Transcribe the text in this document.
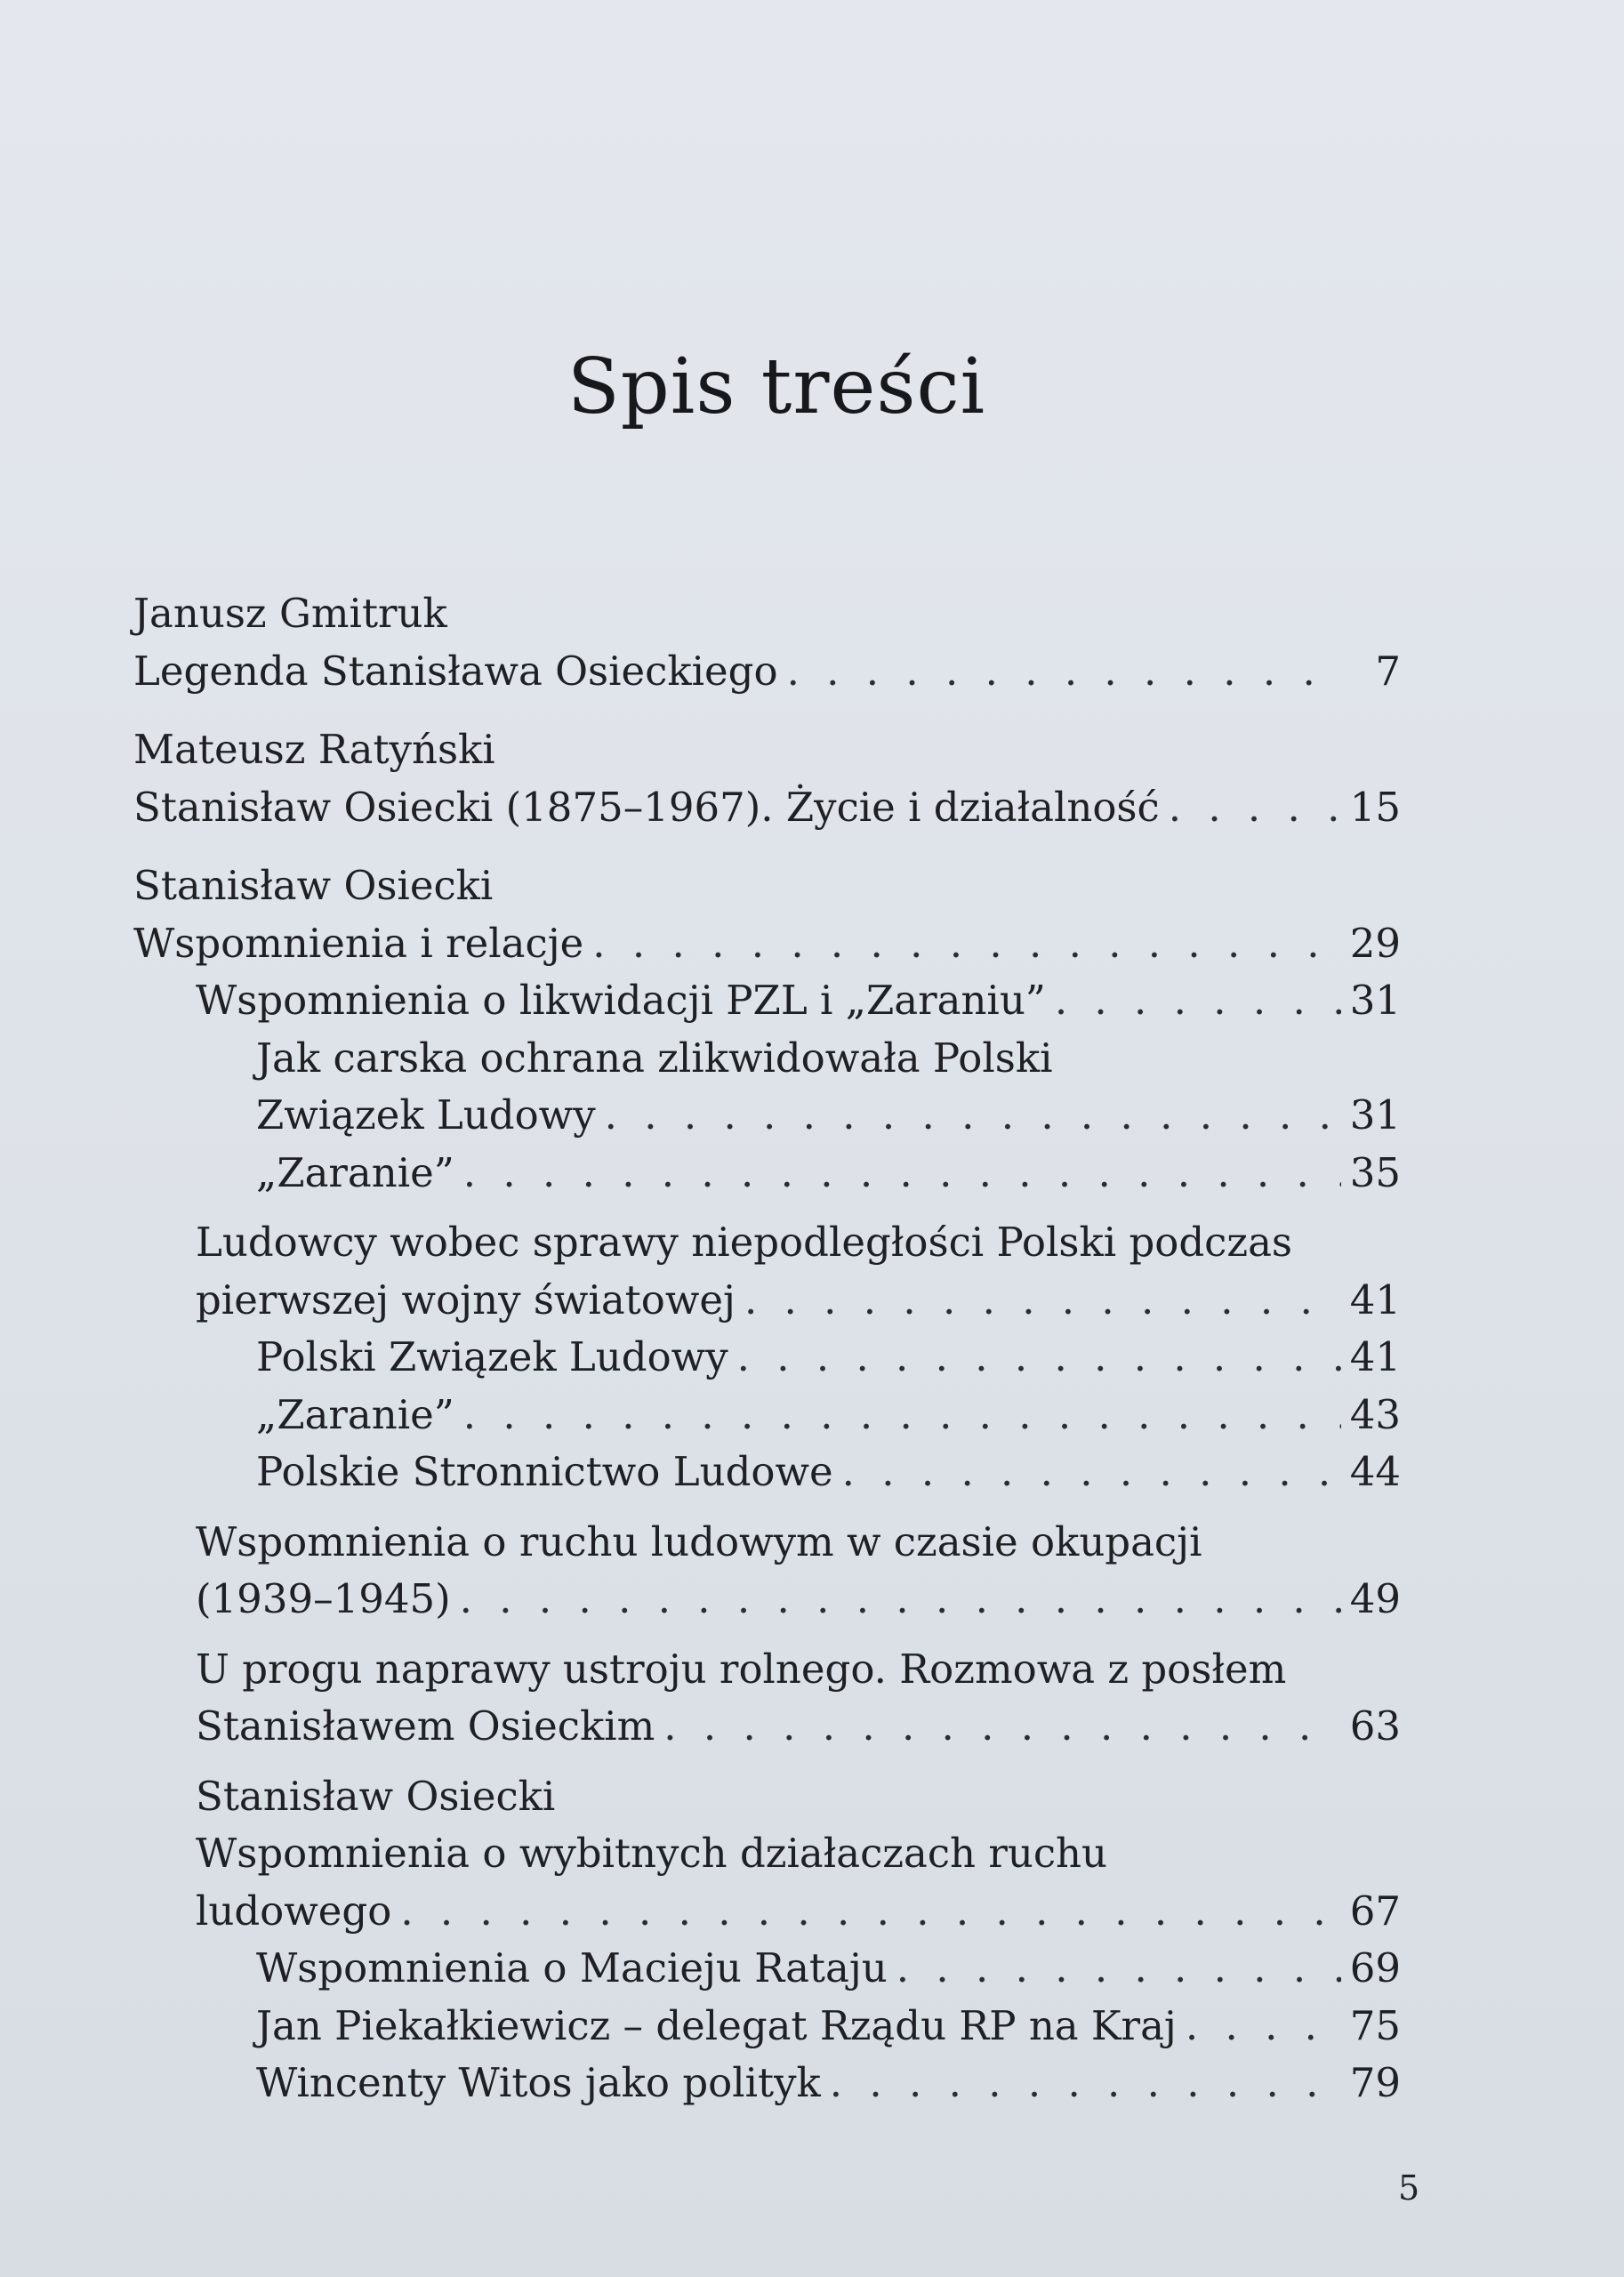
Spis treści
Janusz Gmitruk
Legenda Stanisława Osieckiego . . .	7
Mateusz Ratyński
Stanisław Osiecki (1875–1967). Życie i działalność . . .	15
Stanisław Osiecki
Wspomnienia i relacje . . .	29
Wspomnienia o likwidacji PZL i „Zaraniu” . . .	31
Jak carska ochrana zlikwidowała Polski
Związek Ludowy . . .	31
„Zaranie” . . .	35
Ludowcy wobec sprawy niepodległości Polski podczas
pierwszej wojny światowej . . .	41
Polski Związek Ludowy . . .	41
„Zaranie” . . .	43
Polskie Stronnictwo Ludowe . . .	44
Wspomnienia o ruchu ludowym w czasie okupacji
(1939–1945) . . .	49
U progu naprawy ustroju rolnego. Rozmowa z posłem
Stanisławem Osieckim . . .	63
Stanisław Osiecki
Wspomnienia o wybitnych działaczach ruchu
ludowego . . .	67
Wspomnienia o Macieju Rataju . . .	69
Jan Piekałkiewicz – delegat Rządu RP na Kraj . . .	75
Wincenty Witos jako polityk . . .	79
5
